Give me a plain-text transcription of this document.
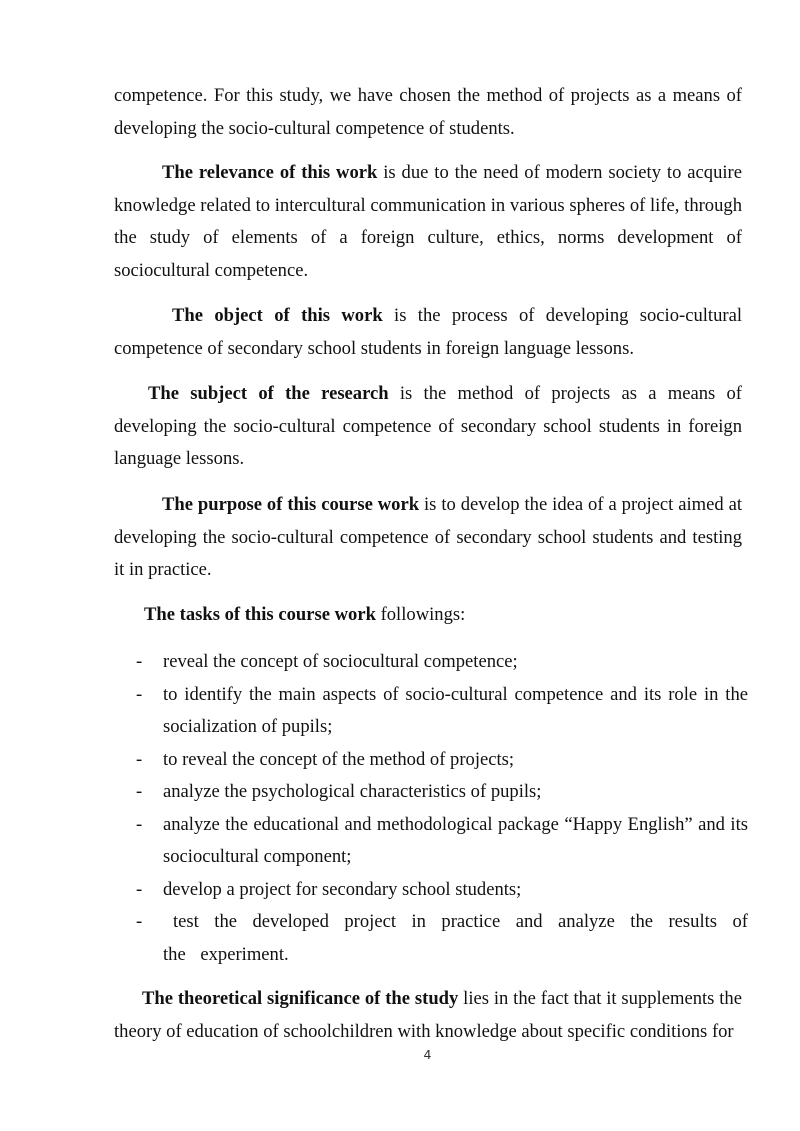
competence. For this study, we have chosen the method of projects as a means of developing the socio-cultural competence of students.

The relevance of this work is due to the need of modern society to acquire knowledge related to intercultural communication in various spheres of life, through the study of elements of a foreign culture, ethics, norms development of sociocultural competence.

The object of this work is the process of developing socio-cultural competence of secondary school students in foreign language lessons.

The subject of the research is the method of projects as a means of developing the socio-cultural competence of secondary school students in foreign language lessons.

The purpose of this course work is to develop the idea of a project aimed at developing the socio-cultural competence of secondary school students and testing it in practice.

The tasks of this course work followings:

- reveal the concept of sociocultural competence;
- to identify the main aspects of socio-cultural competence and its role in the socialization of pupils;
- to reveal the concept of the method of projects;
- analyze the psychological characteristics of pupils;
- analyze the educational and methodological package “Happy English” and its sociocultural component;
- develop a project for secondary school students;
- test the developed project in practice and analyze the results of the experiment.

The theoretical significance of the study lies in the fact that it supplements the theory of education of schoolchildren with knowledge about specific conditions for

4
